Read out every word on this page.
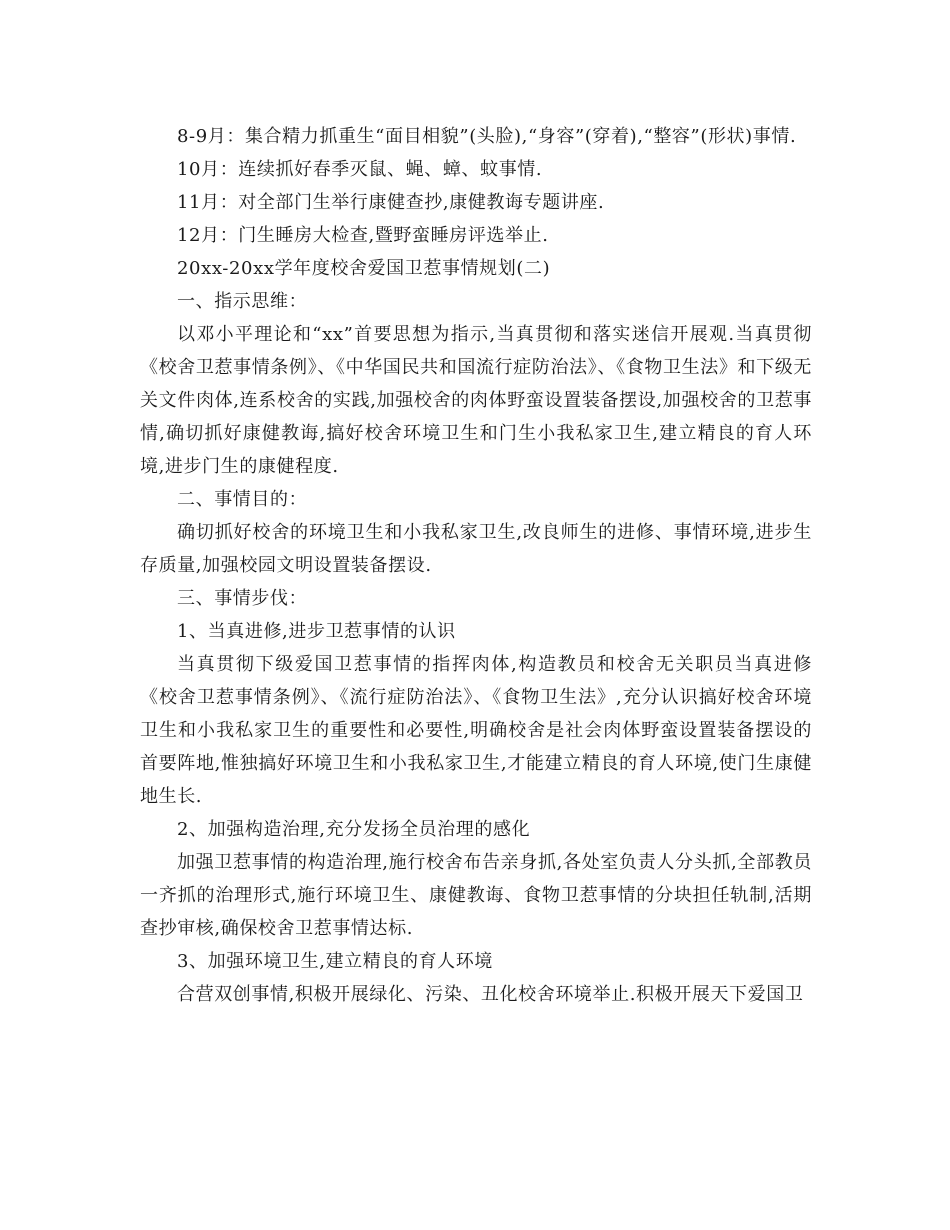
8-9月：集合精力抓重生“面目相貌”(头脸),“身容”(穿着),“整容”(形状)事情.

10月：连续抓好春季灭鼠、蝇、蟑、蚊事情.

11月：对全部门生举行康健查抄,康健教诲专题讲座.

12月：门生睡房大检查,暨野蛮睡房评选举止.

20xx-20xx学年度校舍爱国卫惹事情规划(二)

一、指示思维：

以邓小平理论和“xx”首要思想为指示,当真贯彻和落实迷信开展观.当真贯彻《校舍卫惹事情条例》、《中华国民共和国流行症防治法》、《食物卫生法》和下级无关文件肉体,连系校舍的实践,加强校舍的肉体野蛮设置装备摆设,加强校舍的卫惹事情,确切抓好康健教诲,搞好校舍环境卫生和门生小我私家卫生,建立精良的育人环境,进步门生的康健程度.

二、事情目的：

确切抓好校舍的环境卫生和小我私家卫生,改良师生的进修、事情环境,进步生存质量,加强校园文明设置装备摆设.

三、事情步伐：

1、当真进修,进步卫惹事情的认识

当真贯彻下级爱国卫惹事情的指挥肉体,构造教员和校舍无关职员当真进修《校舍卫惹事情条例》、《流行症防治法》、《食物卫生法》,充分认识搞好校舍环境卫生和小我私家卫生的重要性和必要性,明确校舍是社会肉体野蛮设置装备摆设的首要阵地,惟独搞好环境卫生和小我私家卫生,才能建立精良的育人环境,使门生康健地生长.

2、加强构造治理,充分发扬全员治理的感化

加强卫惹事情的构造治理,施行校舍布告亲身抓,各处室负责人分头抓,全部教员一齐抓的治理形式,施行环境卫生、康健教诲、食物卫惹事情的分块担任轨制,活期查抄审核,确保校舍卫惹事情达标.

3、加强环境卫生,建立精良的育人环境

合营双创事情,积极开展绿化、污染、丑化校舍环境举止.积极开展天下爱国卫
